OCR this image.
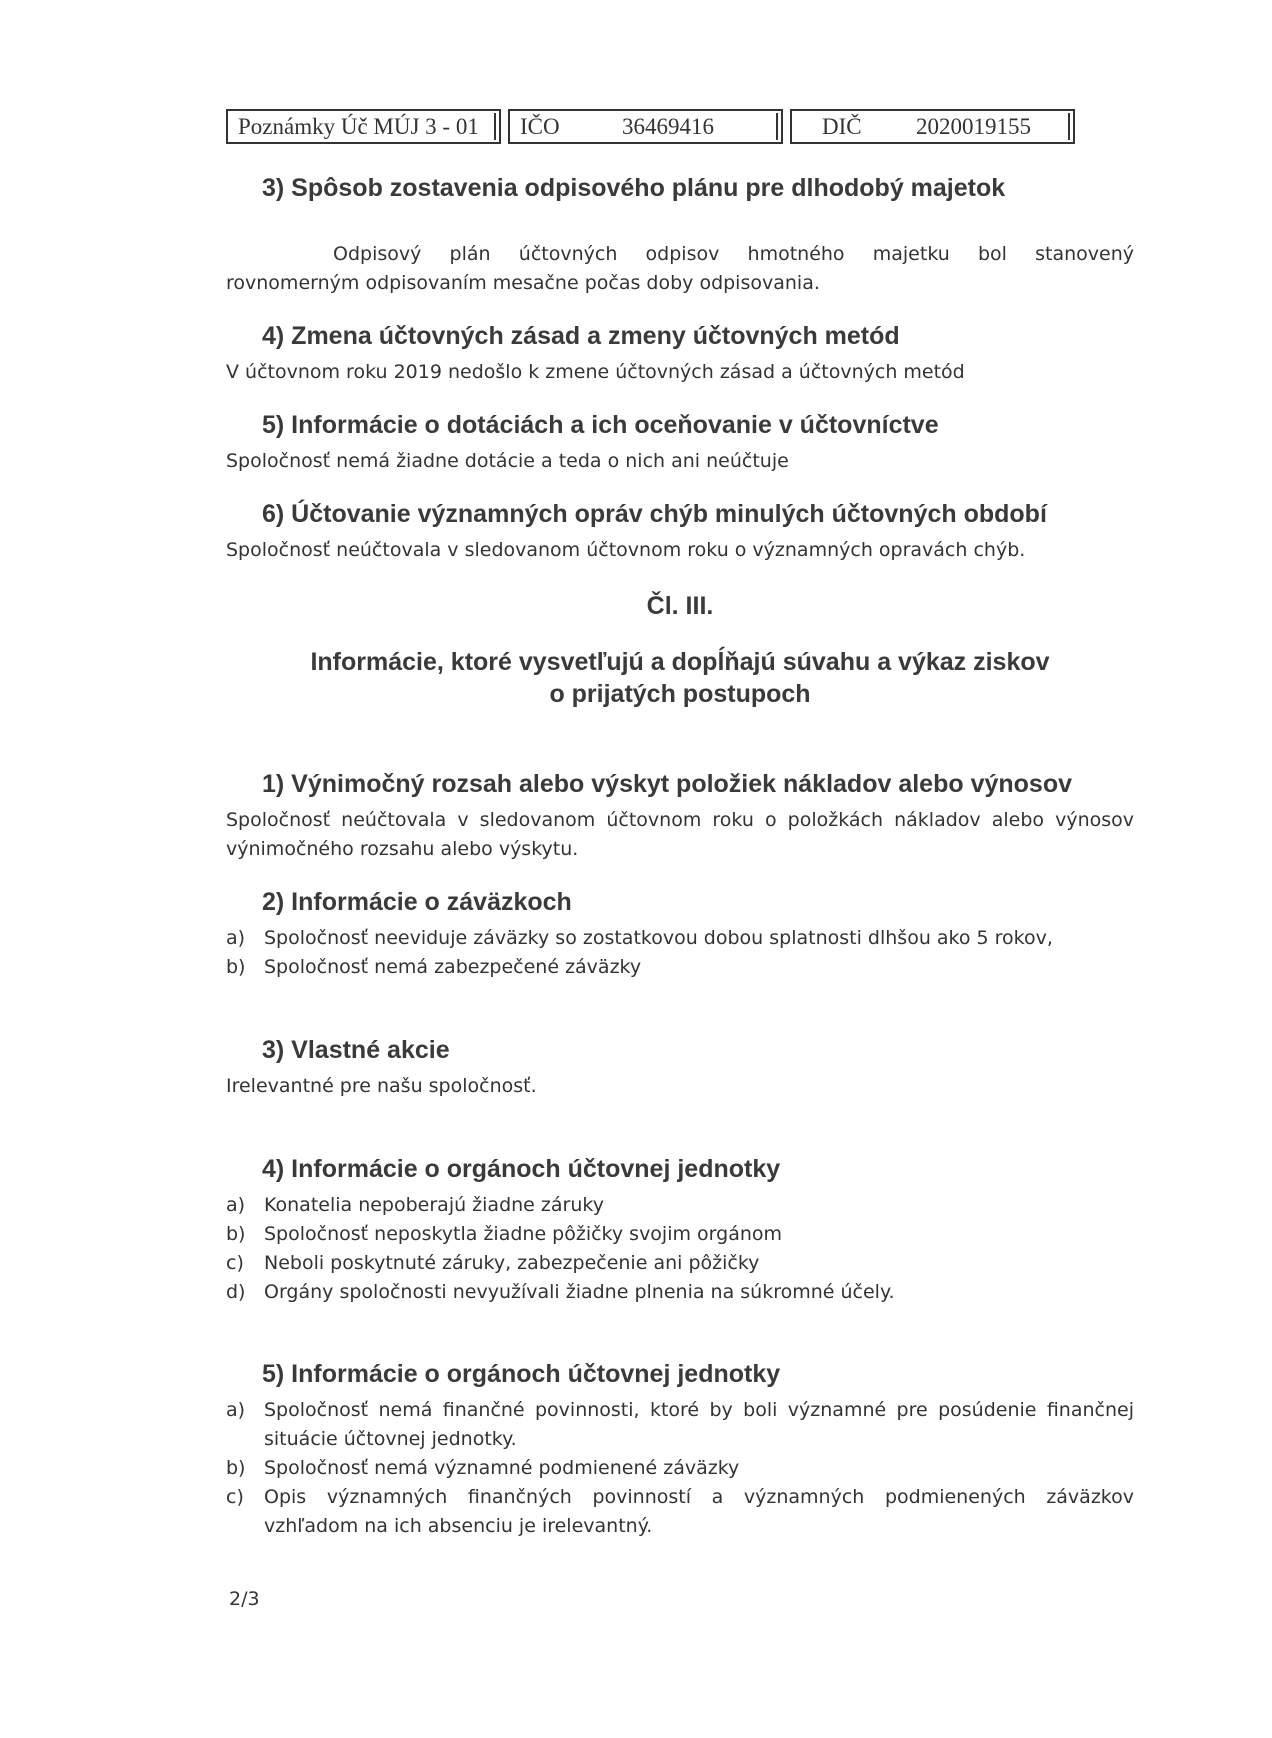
Poznámky Úč MÚJ 3 - 01 IČO	36469416	DIČ 2020019155
3) Spôsob zostavenia odpisového plánu pre dlhodobý majetok

Odpisový plán účtovných odpisov hmotného majetku bol stanovený

rovnomerným odpisovaním mesačne počas doby odpisovania.

4) Zmena účtovných zásad a zmeny účtovných metód

V účtovnom roku 2019 nedošlo k zmene účtovných zásad a účtovných metód

5) Informácie o dotáciách a ich oceňovanie v účtovníctve

Spoločnosť nemá žiadne dotácie a teda o nich ani neúčtuje

6) Účtovanie významných opráv chýb minulých účtovných období

Spoločnosť neúčtovala v sledovanom účtovnom roku o významných opravách chýb.

Čl. III.
Informácie, ktoré vysvetľujú a dopĺňajú súvahu a výkaz ziskov
o prijatých postupoch
1) Výnimočný rozsah alebo výskyt položiek nákladov alebo výnosov

Spoločnosť neúčtovala v sledovanom účtovnom roku o položkách nákladov alebo výnosov

výnimočného rozsahu alebo výskytu.

2) Informácie o záväzkoch
a) Spoločnosť neeviduje záväzky so zostatkovou dobou splatnosti dlhšou ako 5 rokov,
b) Spoločnosť nemá zabezpečené záväzky
3) Vlastné akcie

Irelevantné pre našu spoločnosť.

4) Informácie o orgánoch účtovnej jednotky
a) Konatelia nepoberajú žiadne záruky
b) Spoločnosť neposkytla žiadne pôžičky svojim orgánom
c) Neboli poskytnuté záruky, zabezpečenie ani pôžičky
d) Orgány spoločnosti nevyužívali žiadne plnenia na súkromné účely.
5) Informácie o orgánoch účtovnej jednotky
a) Spoločnosť nemá finančné povinnosti, ktoré by boli významné pre posúdenie finančnej
situácie účtovnej jednotky.
b) Spoločnosť nemá významné podmienené záväzky
c) Opis významných finančných povinností a významných podmienených záväzkov
vzhľadom na ich absenciu je irelevantný.
2/3
